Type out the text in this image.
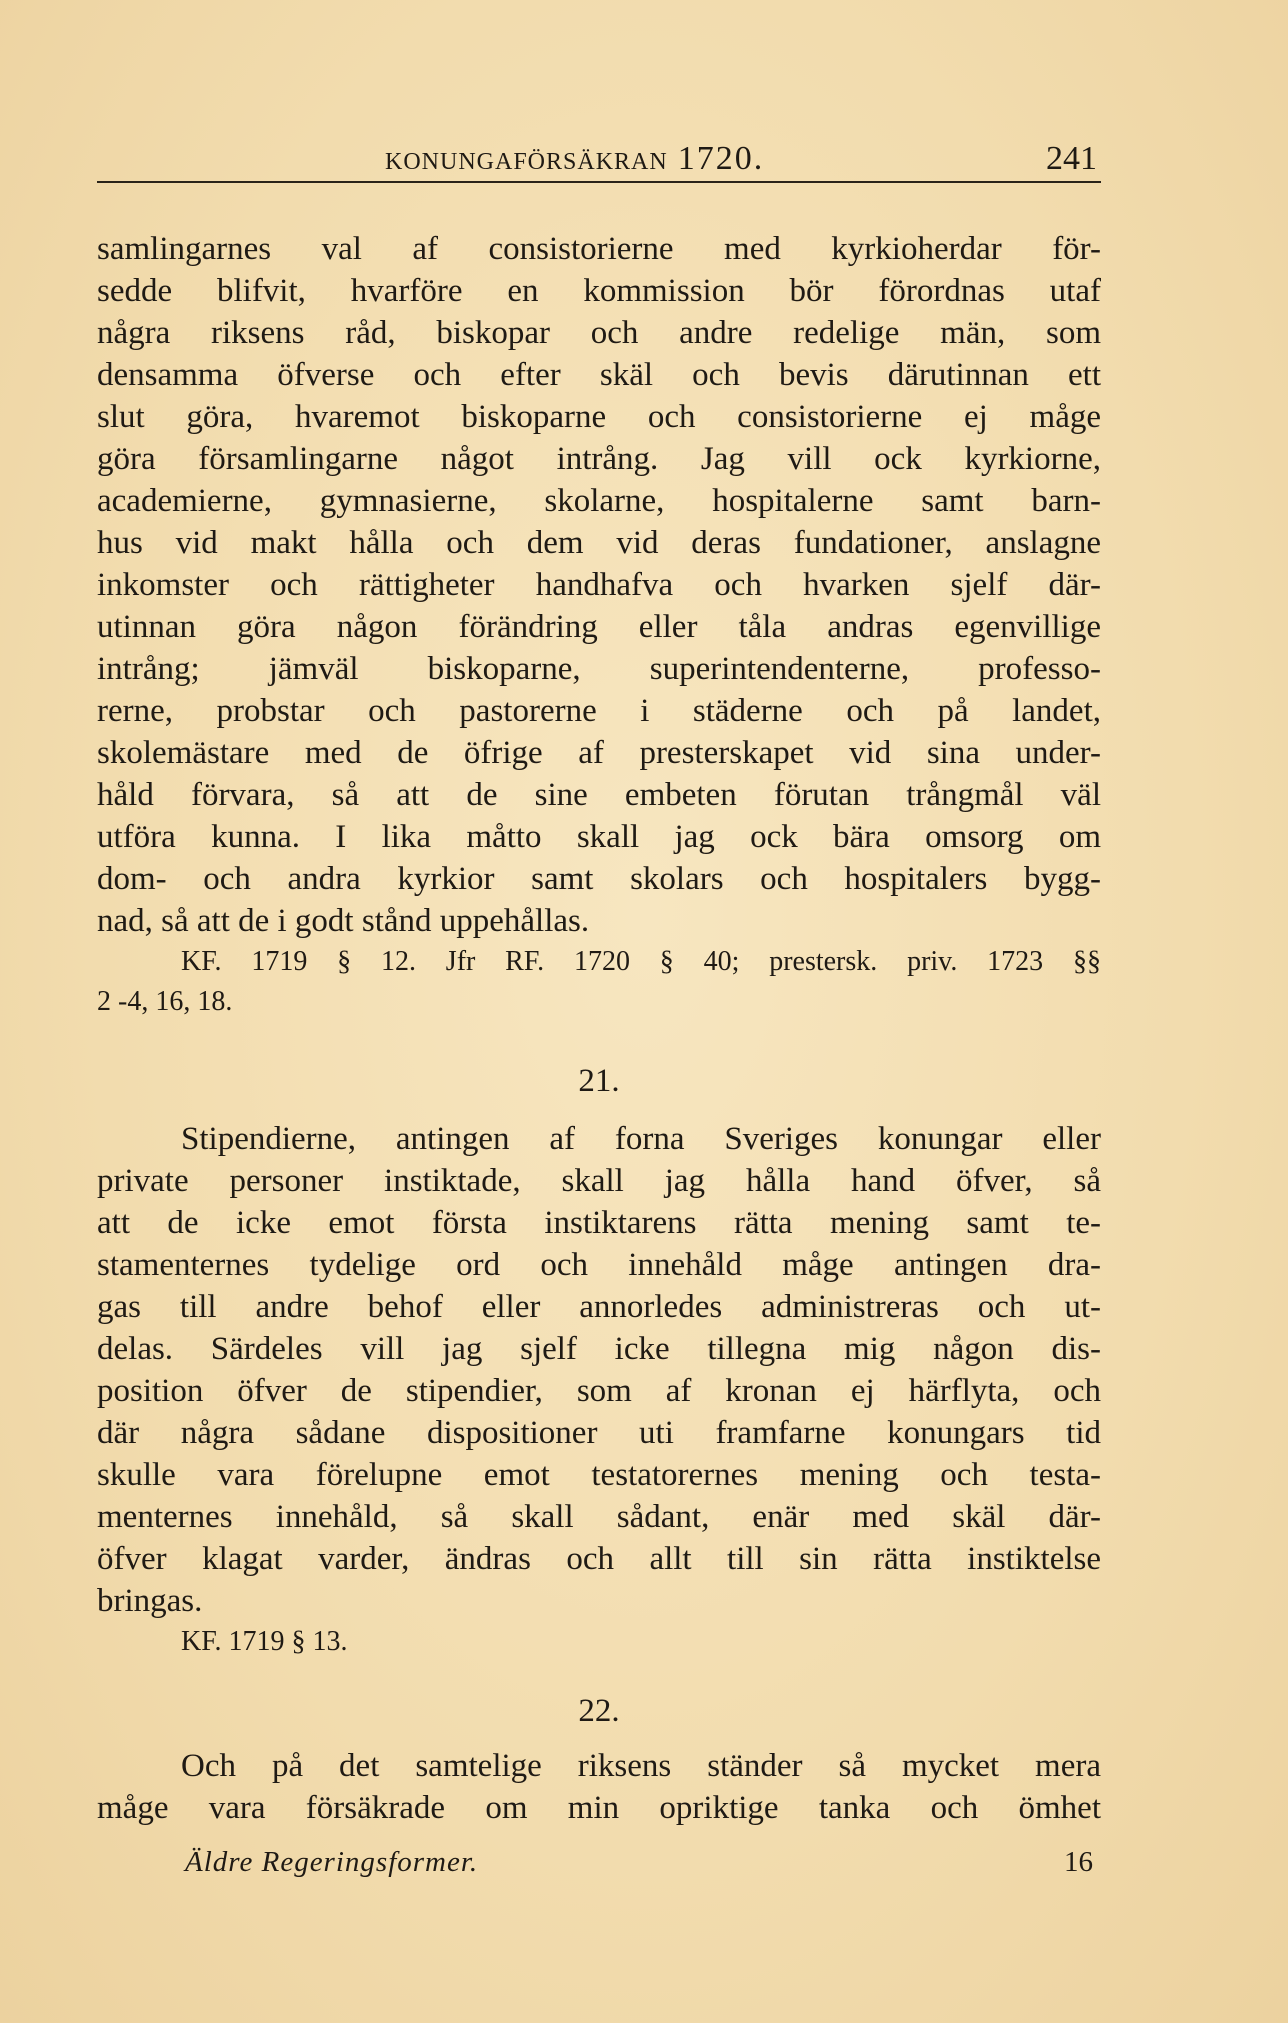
KONUNGAFÖRSÄKRAN 1720.	241
samlingarnes val af consistorierne med kyrkioherdar för-
sedde blifvit, hvarföre en kommission bör förordnas utaf
några riksens råd, biskopar och andre redelige män, som
densamma öfverse och efter skäl och bevis därutinnan ett
slut göra, hvaremot biskoparne och consistorierne ej måge
göra församlingarne något intrång. Jag vill ock kyrkiorne,
academierne, gymnasierne, skolarne, hospitalerne samt barn-
hus vid makt hålla och dem vid deras fundationer, anslagne
inkomster och rättigheter handhafva och hvarken sjelf där-
utinnan göra någon förändring eller tåla andras egenvillige
intrång; jämväl biskoparne, superintendenterne, professo-
rerne, probstar och pastorerne i städerne och på landet,
skolemästare med de öfrige af presterskapet vid sina under-
håld förvara, så att de sine embeten förutan trångmål väl
utföra kunna. I lika måtto skall jag ock bära omsorg om
dom- och andra kyrkior samt skolars och hospitalers bygg-
nad, så att de i godt stånd uppehållas.
KF. 1719 § 12. Jfr RF. 1720 § 40; prestersk. priv. 1723 §§
2 -4, 16, 18.
21.
Stipendierne, antingen af forna Sveriges konungar eller
private personer instiktade, skall jag hålla hand öfver, så
att de icke emot första instiktarens rätta mening samt te-
stamenternes tydelige ord och innehåld måge antingen dra-
gas till andre behof eller annorledes administreras och ut-
delas. Särdeles vill jag sjelf icke tillegna mig någon dis-
position öfver de stipendier, som af kronan ej härflyta, och
där några sådane dispositioner uti framfarne konungars tid
skulle vara förelupne emot testatorernes mening och testa-
menternes innehåld, så skall sådant, enär med skäl där-
öfver klagat varder, ändras och allt till sin rätta instiktelse
bringas.
KF. 1719 § 13.
22.
Och på det samtelige riksens ständer så mycket mera
måge vara försäkrade om min opriktige tanka och ömhet
Äldre Regeringsformer.	16
